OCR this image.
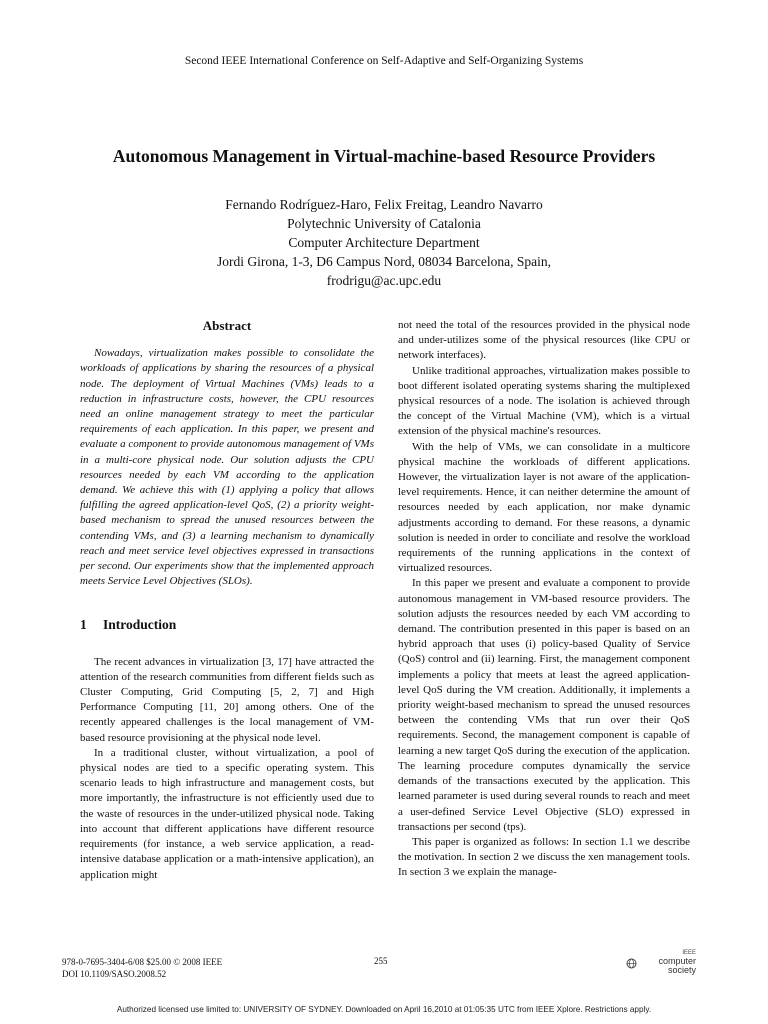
Second IEEE International Conference on Self-Adaptive and Self-Organizing Systems
Autonomous Management in Virtual-machine-based Resource Providers
Fernando Rodríguez-Haro, Felix Freitag, Leandro Navarro
Polytechnic University of Catalonia
Computer Architecture Department
Jordi Girona, 1-3, D6 Campus Nord, 08034 Barcelona, Spain,
frodrigu@ac.upc.edu
Abstract

Nowadays, virtualization makes possible to consolidate the workloads of applications by sharing the resources of a physical node. The deployment of Virtual Machines (VMs) leads to a reduction in infrastructure costs, however, the CPU resources need an online management strategy to meet the particular requirements of each application. In this paper, we present and evaluate a component to provide autonomous management of VMs in a multi-core physical node. Our solution adjusts the CPU resources needed by each VM according to the application demand. We achieve this with (1) applying a policy that allows fulfilling the agreed application-level QoS, (2) a priority weight-based mechanism to spread the unused resources between the contending VMs, and (3) a learning mechanism to dynamically reach and meet service level objectives expressed in transactions per second. Our experiments show that the implemented approach meets Service Level Objectives (SLOs).

1 Introduction

The recent advances in virtualization [3, 17] have attracted the attention of the research communities from different fields such as Cluster Computing, Grid Computing [5, 2, 7] and High Performance Computing [11, 20] among others. One of the recently appeared challenges is the local management of VM-based resource provisioning at the physical node level.

In a traditional cluster, without virtualization, a pool of physical nodes are tied to a specific operating system. This scenario leads to high infrastructure and management costs, but more importantly, the infrastructure is not efficiently used due to the waste of resources in the under-utilized physical node. Taking into account that different applications have different resource requirements (for instance, a web service application, a read-intensive database application or a math-intensive application), an application might

not need the total of the resources provided in the physical node and under-utilizes some of the physical resources (like CPU or network interfaces).

Unlike traditional approaches, virtualization makes possible to boot different isolated operating systems sharing the multiplexed physical resources of a node. The isolation is achieved through the concept of the Virtual Machine (VM), which is a virtual extension of the physical machine's resources.

With the help of VMs, we can consolidate in a multicore physical machine the workloads of different applications. However, the virtualization layer is not aware of the application-level requirements. Hence, it can neither determine the amount of resources needed by each application, nor make dynamic adjustments according to demand. For these reasons, a dynamic solution is needed in order to conciliate and resolve the workload requirements of the running applications in the context of virtualized resources.

In this paper we present and evaluate a component to provide autonomous management in VM-based resource providers. The solution adjusts the resources needed by each VM according to demand. The contribution presented in this paper is based on an hybrid approach that uses (i) policy-based Quality of Service (QoS) control and (ii) learning. First, the management component implements a policy that meets at least the agreed application-level QoS during the VM creation. Additionally, it implements a priority weight-based mechanism to spread the unused resources between the contending VMs that run over their QoS requirements. Second, the management component is capable of learning a new target QoS during the execution of the application. The learning procedure computes dynamically the service demands of the transactions executed by the application. This learned parameter is used during several rounds to reach and meet a user-defined Service Level Objective (SLO) expressed in transactions per second (tps).

This paper is organized as follows: In section 1.1 we describe the motivation. In section 2 we discuss the xen management tools. In section 3 we explain the manage-

978-0-7695-3404-6/08 $25.00 © 2008 IEEE
DOI 10.1109/SASO.2008.52
255
IEEE
computer
society
Authorized licensed use limited to: UNIVERSITY OF SYDNEY. Downloaded on April 16,2010 at 01:05:35 UTC from IEEE Xplore. Restrictions apply.
